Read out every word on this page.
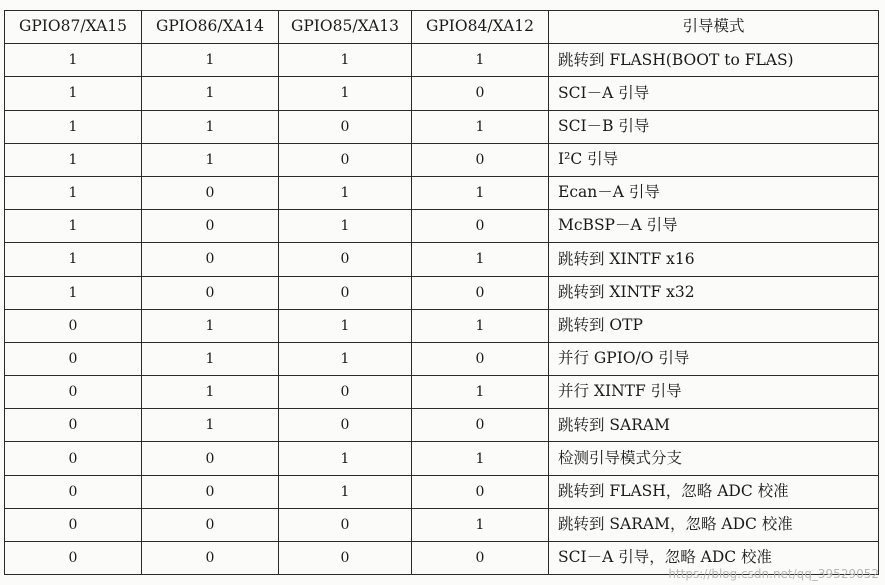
GPIO87/XA15	GPIO86/XA14	GPIO85/XA13	GPIO84/XA12	引导模式
1	1	1	1	跳转到 FLASH(BOOT to FLAS)
1	1	1	0	SCI－A 引导
1	1	0	1	SCI－B 引导
1	1	0	0	I²C 引导
1	0	1	1	Ecan－A 引导
1	0	1	0	McBSP－A 引导
1	0	0	1	跳转到 XINTF x16
1	0	0	0	跳转到 XINTF x32
0	1	1	1	跳转到 OTP
0	1	1	0	并行 GPIO/O 引导
0	1	0	1	并行 XINTF 引导
0	1	0	0	跳转到 SARAM
0	0	1	1	检测引导模式分支
0	0	1	0	跳转到 FLASH，忽略 ADC 校准
0	0	0	1	跳转到 SARAM，忽略 ADC 校准
0	0	0	0	SCI－A 引导，忽略 ADC 校准
https://blog.csdn.net/qq_39529052
